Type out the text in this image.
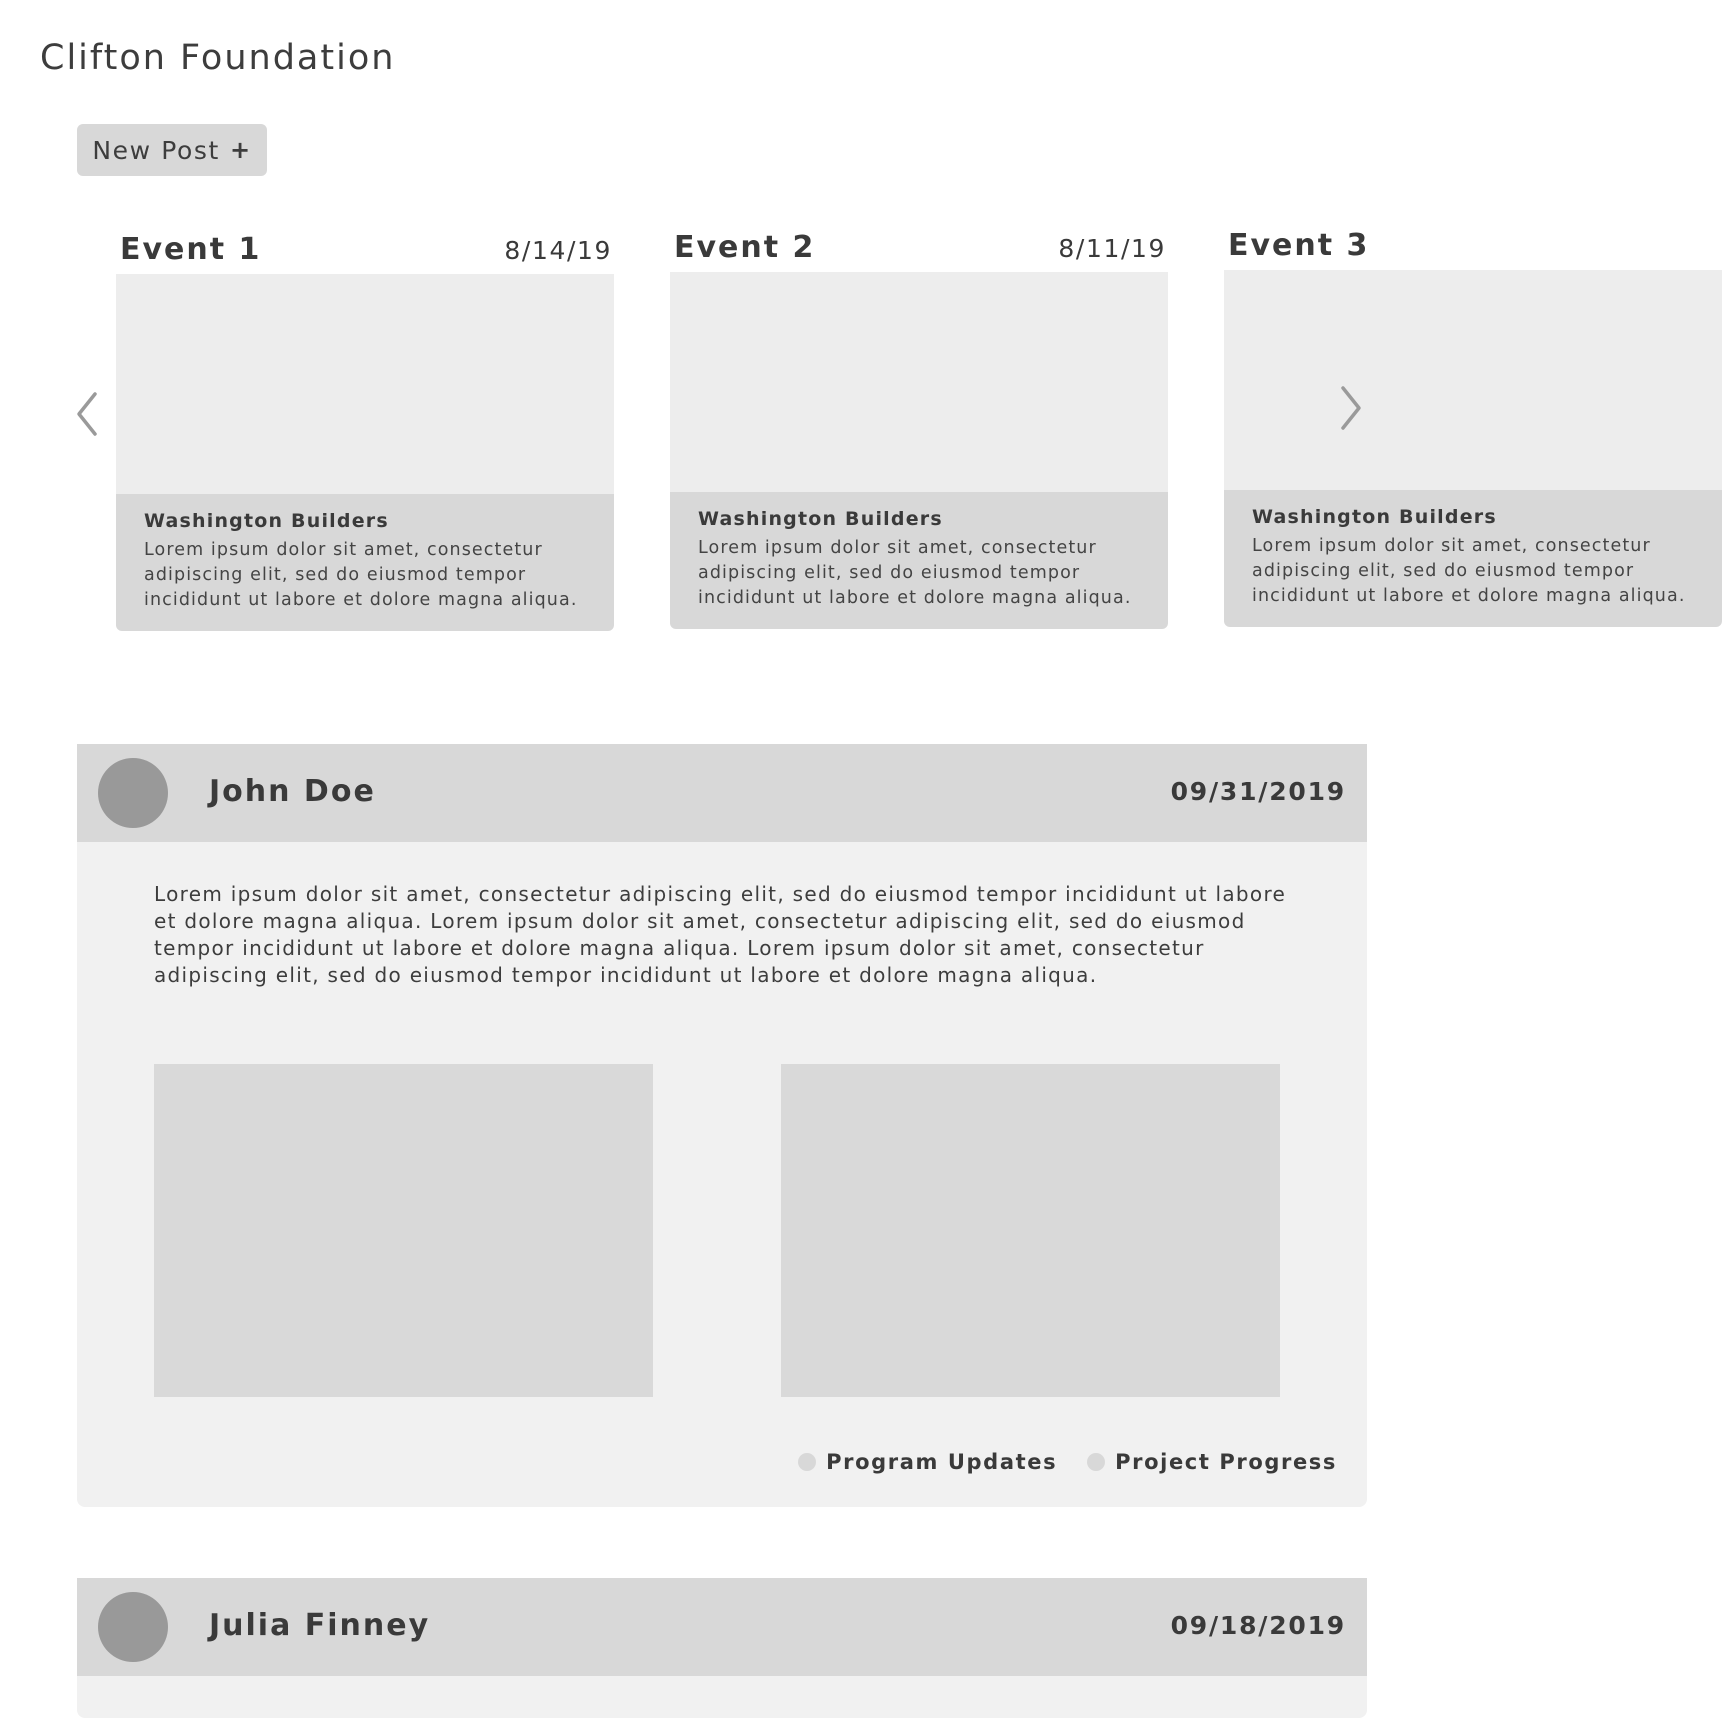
Clifton Foundation
New Post +
Event 1	8/14/19
Washington Builders
Lorem ipsum dolor sit amet, consectetur adipiscing elit, sed do eiusmod tempor incididunt ut labore et dolore magna aliqua.
Event 2	8/11/19
Washington Builders
Lorem ipsum dolor sit amet, consectetur adipiscing elit, sed do eiusmod tempor incididunt ut labore et dolore magna aliqua.
Event 3
Washington Builders
Lorem ipsum dolor sit amet, consectetur adipiscing elit, sed do eiusmod tempor incididunt ut labore et dolore magna aliqua.
John Doe	09/31/2019
Lorem ipsum dolor sit amet, consectetur adipiscing elit, sed do eiusmod tempor incididunt ut labore et dolore magna aliqua. Lorem ipsum dolor sit amet, consectetur adipiscing elit, sed do eiusmod tempor incididunt ut labore et dolore magna aliqua. Lorem ipsum dolor sit amet, consectetur adipiscing elit, sed do eiusmod tempor incididunt ut labore et dolore magna aliqua.
Program Updates	Project Progress
Julia Finney	09/18/2019
